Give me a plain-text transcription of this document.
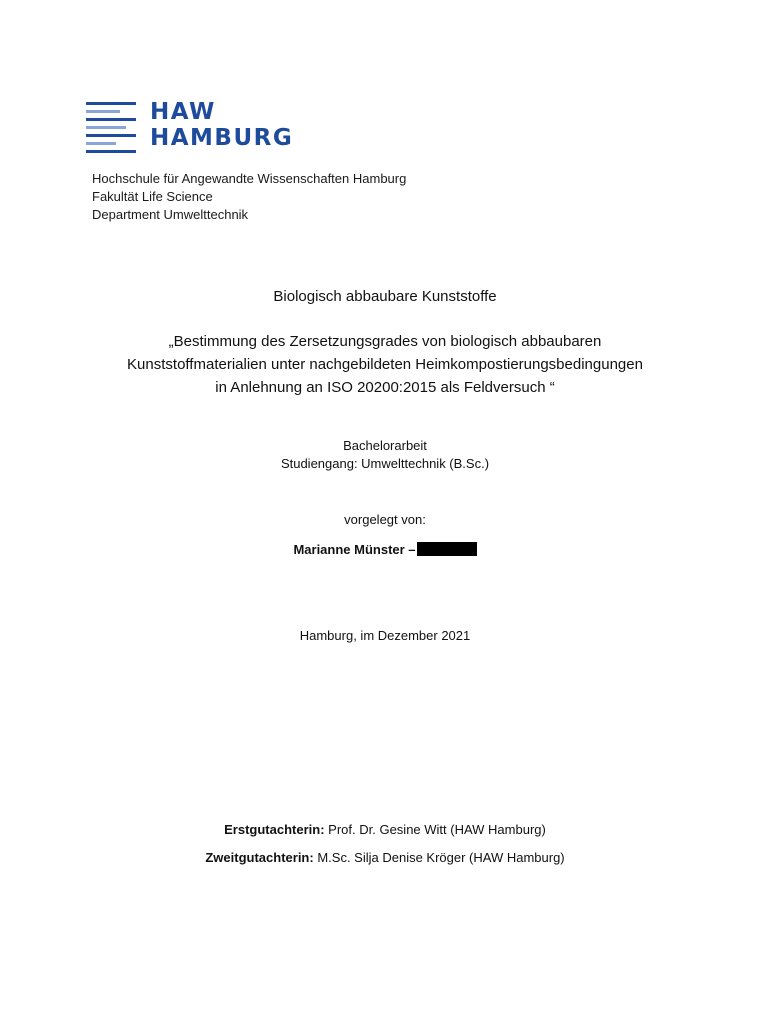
HAW
HAMBURG
Hochschule für Angewandte Wissenschaften Hamburg
Fakultät Life Science
Department Umwelttechnik
Biologisch abbaubare Kunststoffe
„Bestimmung des Zersetzungsgrades von biologisch abbaubaren
Kunststoffmaterialien unter nachgebildeten Heimkompostierungsbedingungen
in Anlehnung an ISO 20200:2015 als Feldversuch “
Bachelorarbeit
Studiengang: Umwelttechnik (B.Sc.)
vorgelegt von:
Marianne Münster –
Hamburg, im Dezember 2021
Erstgutachterin: Prof. Dr. Gesine Witt (HAW Hamburg)
Zweitgutachterin: M.Sc. Silja Denise Kröger (HAW Hamburg)
